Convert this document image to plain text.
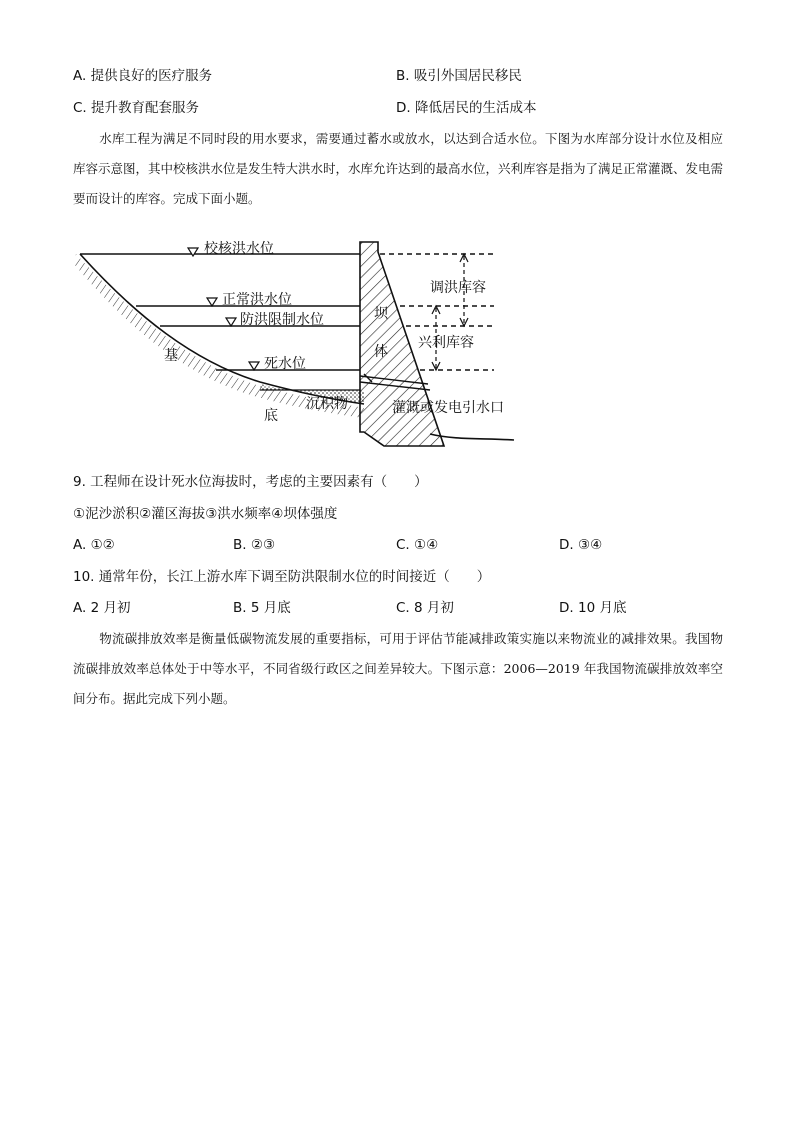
A. 提供良好的医疗服务	B. 吸引外国居民移民
C. 提升教育配套服务	D. 降低居民的生活成本
水库工程为满足不同时段的用水要求，需要通过蓄水或放水，以达到合适水位。下图为水库部分设计水位及相应库容示意图，其中校核洪水位是发生特大洪水时，水库允许达到的最高水位，兴利库容是指为了满足正常灌溉、发电需要而设计的库容。完成下面小题。
校核洪水位
正常洪水位
防洪限制水位
死水位
基
底
沉积物
坝
体
调洪库容
兴利库容
灌溉或发电引水口
9. 工程师在设计死水位海拔时，考虑的主要因素有（　　）
①泥沙淤积②灌区海拔③洪水频率④坝体强度
A. ①②	B. ②③	C. ①④	D. ③④
10. 通常年份，长江上游水库下调至防洪限制水位的时间接近（　　）
A. 2 月初	B. 5 月底	C. 8 月初	D. 10 月底
物流碳排放效率是衡量低碳物流发展的重要指标，可用于评估节能减排政策实施以来物流业的减排效果。我国物流碳排放效率总体处于中等水平，不同省级行政区之间差异较大。下图示意：2006—2019 年我国物流碳排放效率空间分布。据此完成下列小题。
